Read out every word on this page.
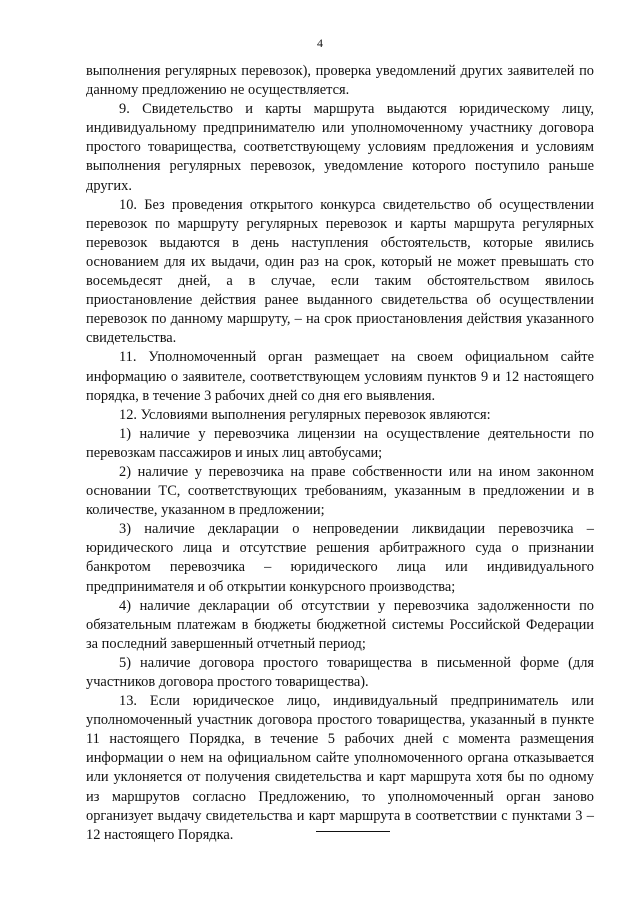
4

выполнения регулярных перевозок), проверка уведомлений других заявителей по данному предложению не осуществляется.

9. Свидетельство и карты маршрута выдаются юридическому лицу, индивидуальному предпринимателю или уполномоченному участнику договора простого товарищества, соответствующему условиям предложения и условиям выполнения регулярных перевозок, уведомление которого поступило раньше других.

10. Без проведения открытого конкурса свидетельство об осуществлении перевозок по маршруту регулярных перевозок и карты маршрута регулярных перевозок выдаются в день наступления обстоятельств, которые явились основанием для их выдачи, один раз на срок, который не может превышать сто восемьдесят дней, а в случае, если таким обстоятельством явилось приостановление действия ранее выданного свидетельства об осуществлении перевозок по данному маршруту, – на срок приостановления действия указанного свидетельства.

11. Уполномоченный орган размещает на своем официальном сайте информацию о заявителе, соответствующем условиям пунктов 9 и 12 настоящего порядка, в течение 3 рабочих дней со дня его выявления.

12. Условиями выполнения регулярных перевозок являются:

1) наличие у перевозчика лицензии на осуществление деятельности по перевозкам пассажиров и иных лиц автобусами;

2) наличие у перевозчика на праве собственности или на ином законном основании ТС, соответствующих требованиям, указанным в предложении и в количестве, указанном в предложении;

3) наличие декларации о непроведении ликвидации перевозчика – юридического лица и отсутствие решения арбитражного суда о признании банкротом перевозчика – юридического лица или индивидуального предпринимателя и об открытии конкурсного производства;

4) наличие декларации об отсутствии у перевозчика задолженности по обязательным платежам в бюджеты бюджетной системы Российской Федерации за последний завершенный отчетный период;

5) наличие договора простого товарищества в письменной форме (для участников договора простого товарищества).

13. Если юридическое лицо, индивидуальный предприниматель или уполномоченный участник договора простого товарищества, указанный в пункте 11 настоящего Порядка, в течение 5 рабочих дней с момента размещения информации о нем на официальном сайте уполномоченного органа отказывается или уклоняется от получения свидетельства и карт маршрута хотя бы по одному из маршрутов согласно Предложению, то уполномоченный орган заново организует выдачу свидетельства и карт маршрута в соответствии с пунктами 3 – 12 настоящего Порядка.
